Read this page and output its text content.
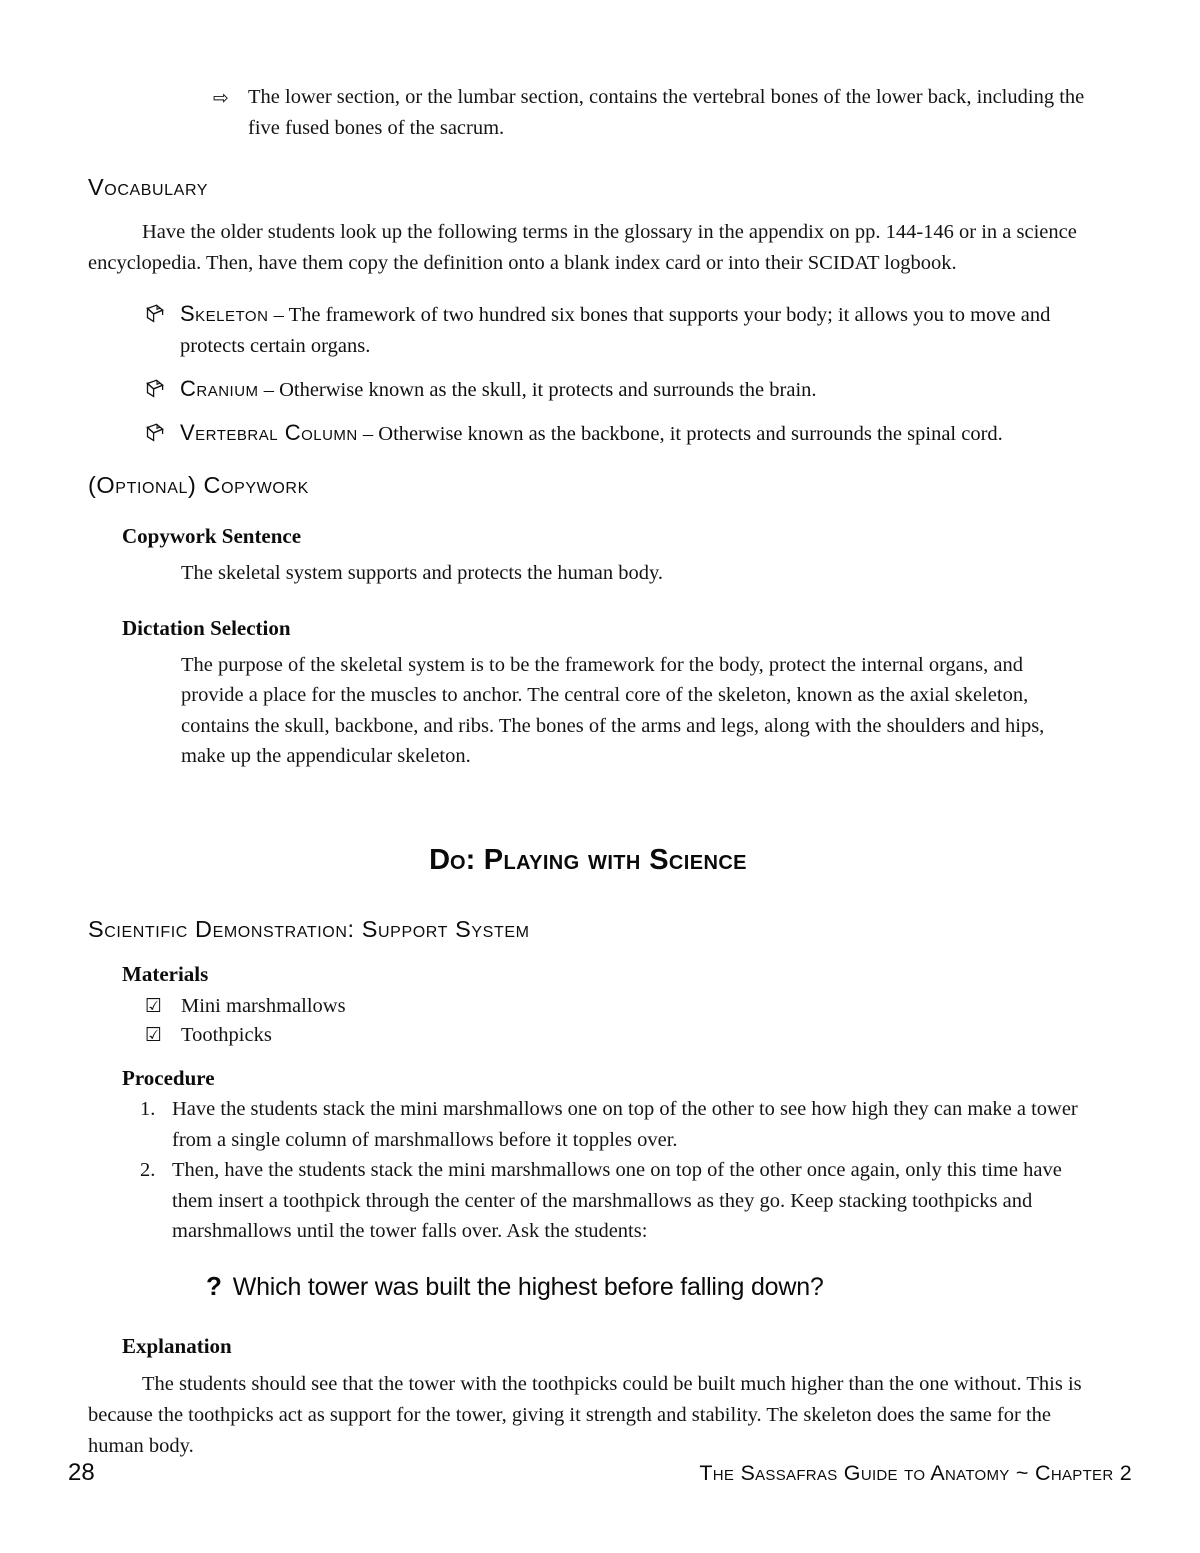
⇨ The lower section, or the lumbar section, contains the vertebral bones of the lower back, including the five fused bones of the sacrum.
Vocabulary

Have the older students look up the following terms in the glossary in the appendix on pp. 144-146 or in a science encyclopedia. Then, have them copy the definition onto a blank index card or into their SCIDAT logbook.

Skeleton – The framework of two hundred six bones that supports your body; it allows you to move and protects certain organs.
Cranium – Otherwise known as the skull, it protects and surrounds the brain.
Vertebral Column – Otherwise known as the backbone, it protects and surrounds the spinal cord.
(Optional) Copywork
Copywork Sentence

The skeletal system supports and protects the human body.

Dictation Selection

The purpose of the skeletal system is to be the framework for the body, protect the internal organs, and provide a place for the muscles to anchor. The central core of the skeleton, known as the axial skeleton, contains the skull, backbone, and ribs. The bones of the arms and legs, along with the shoulders and hips, make up the appendicular skeleton.

Do: Playing with Science
Scientific Demonstration: Support System
Materials
☑ Mini marshmallows
☑ Toothpicks
Procedure
1. Have the students stack the mini marshmallows one on top of the other to see how high they can make a tower from a single column of marshmallows before it topples over.
2. Then, have the students stack the mini marshmallows one on top of the other once again, only this time have them insert a toothpick through the center of the marshmallows as they go. Keep stacking toothpicks and marshmallows until the tower falls over. Ask the students:
? Which tower was built the highest before falling down?
Explanation

The students should see that the tower with the toothpicks could be built much higher than the one without. This is because the toothpicks act as support for the tower, giving it strength and stability. The skeleton does the same for the human body.

28	The Sassafras Guide to Anatomy ~ Chapter 2
